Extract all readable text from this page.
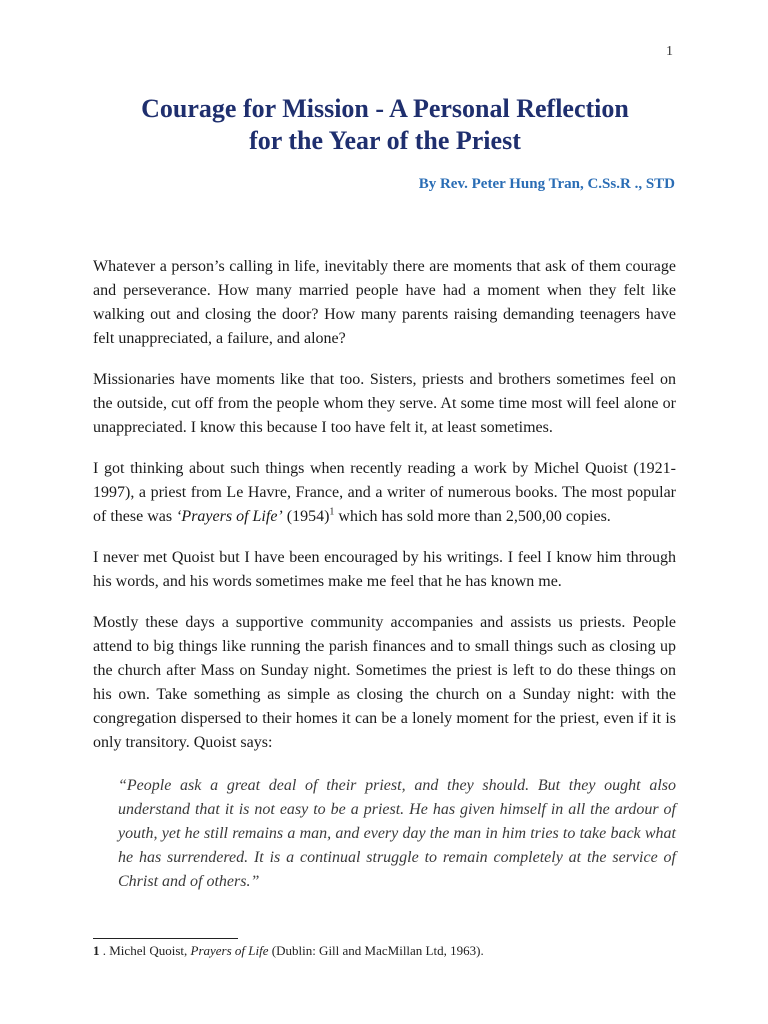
1
Courage for Mission - A Personal Reflection
for the Year of the Priest
By Rev. Peter Hung Tran, C.Ss.R ., STD

Whatever a person’s calling in life, inevitably there are moments that ask of them courage and perseverance. How many married people have had a moment when they felt like walking out and closing the door? How many parents raising demanding teenagers have felt unappreciated, a failure, and alone?

Missionaries have moments like that too. Sisters, priests and brothers sometimes feel on the outside, cut off from the people whom they serve. At some time most will feel alone or unappreciated. I know this because I too have felt it, at least sometimes.

I got thinking about such things when recently reading a work by Michel Quoist (1921-1997), a priest from Le Havre, France, and a writer of numerous books. The most popular of these was ‘Prayers of Life’ (1954)$^1$ which has sold more than 2,500,00 copies.

I never met Quoist but I have been encouraged by his writings. I feel I know him through his words, and his words sometimes make me feel that he has known me.

Mostly these days a supportive community accompanies and assists us priests. People attend to big things like running the parish finances and to small things such as closing up the church after Mass on Sunday night. Sometimes the priest is left to do these things on his own. Take something as simple as closing the church on a Sunday night: with the congregation dispersed to their homes it can be a lonely moment for the priest, even if it is only transitory. Quoist says:

“People ask a great deal of their priest, and they should. But they ought also understand that it is not easy to be a priest. He has given himself in all the ardour of youth, yet he still remains a man, and every day the man in him tries to take back what he has surrendered. It is a continual struggle to remain completely at the service of Christ and of others.”
1 . Michel Quoist, Prayers of Life (Dublin: Gill and MacMillan Ltd, 1963).
